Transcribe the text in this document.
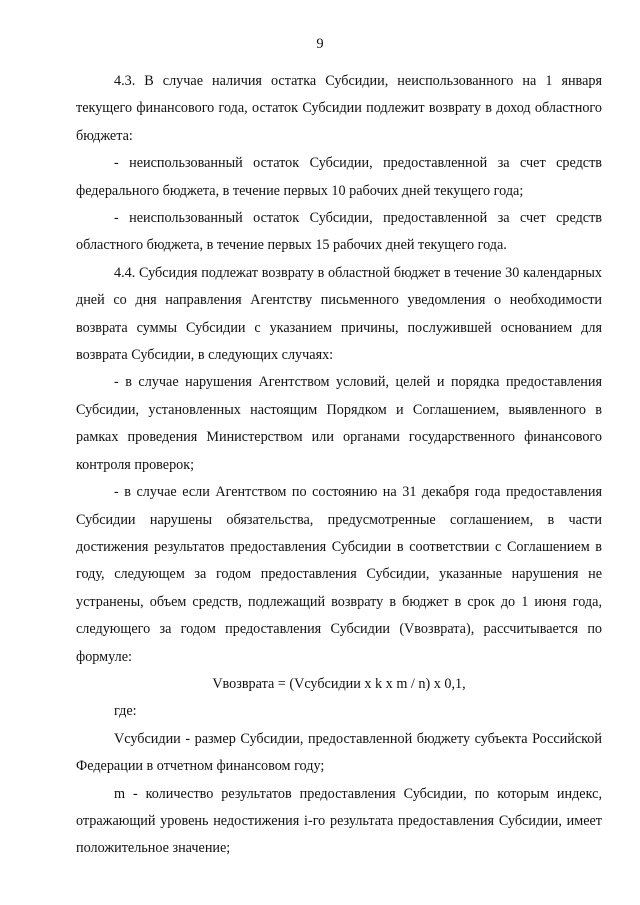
9

4.3. В случае наличия остатка Субсидии, неиспользованного на 1 января текущего финансового года, остаток Субсидии подлежит возврату в доход областного бюджета:

- неиспользованный остаток Субсидии, предоставленной за счет средств федерального бюджета, в течение первых 10 рабочих дней текущего года;

- неиспользованный остаток Субсидии, предоставленной за счет средств областного бюджета, в течение первых 15 рабочих дней текущего года.

4.4. Субсидия подлежат возврату в областной бюджет в течение 30 календарных дней со дня направления Агентству письменного уведомления о необходимости возврата суммы Субсидии с указанием причины, послужившей основанием для возврата Субсидии, в следующих случаях:

- в случае нарушения Агентством условий, целей и порядка предоставления Субсидии, установленных настоящим Порядком и Соглашением, выявленного в рамках проведения Министерством или органами государственного финансового контроля проверок;

- в случае если Агентством по состоянию на 31 декабря года предоставления Субсидии нарушены обязательства, предусмотренные соглашением, в части достижения результатов предоставления Субсидии в соответствии с Соглашением в году, следующем за годом предоставления Субсидии, указанные нарушения не устранены, объем средств, подлежащий возврату в бюджет в срок до 1 июня года, следующего за годом предоставления Субсидии (Vвозврата), рассчитывается по формуле:

Vвозврата = (Vсубсидии x k x m / n) x 0,1,

где:

Vсубсидии - размер Субсидии, предоставленной бюджету субъекта Российской Федерации в отчетном финансовом году;

m - количество результатов предоставления Субсидии, по которым индекс, отражающий уровень недостижения i-го результата предоставления Субсидии, имеет положительное значение;
